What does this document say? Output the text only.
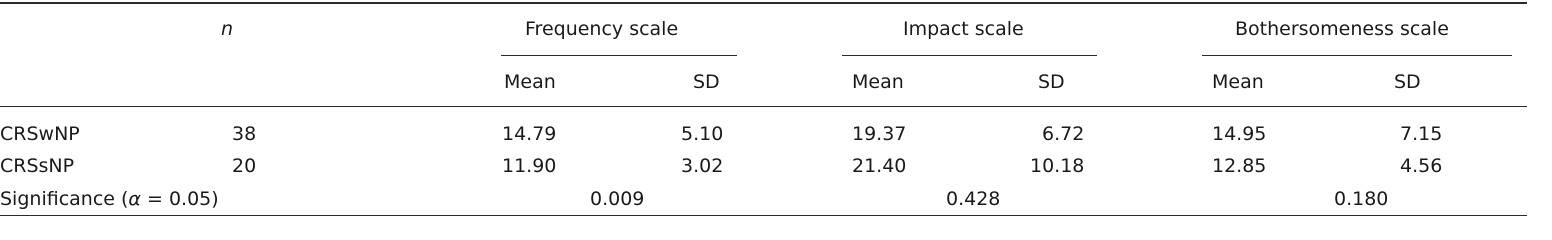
n	Frequency scale	Impact scale	Bothersomeness scale
Mean	SD	Mean	SD	Mean	SD
CRSwNP	38	14.79	5.10	19.37	6.72	14.95	7.15
CRSsNP	20	11.90	3.02	21.40	10.18	12.85	4.56
Significance (α = 0.05)	0.009	0.428	0.180
